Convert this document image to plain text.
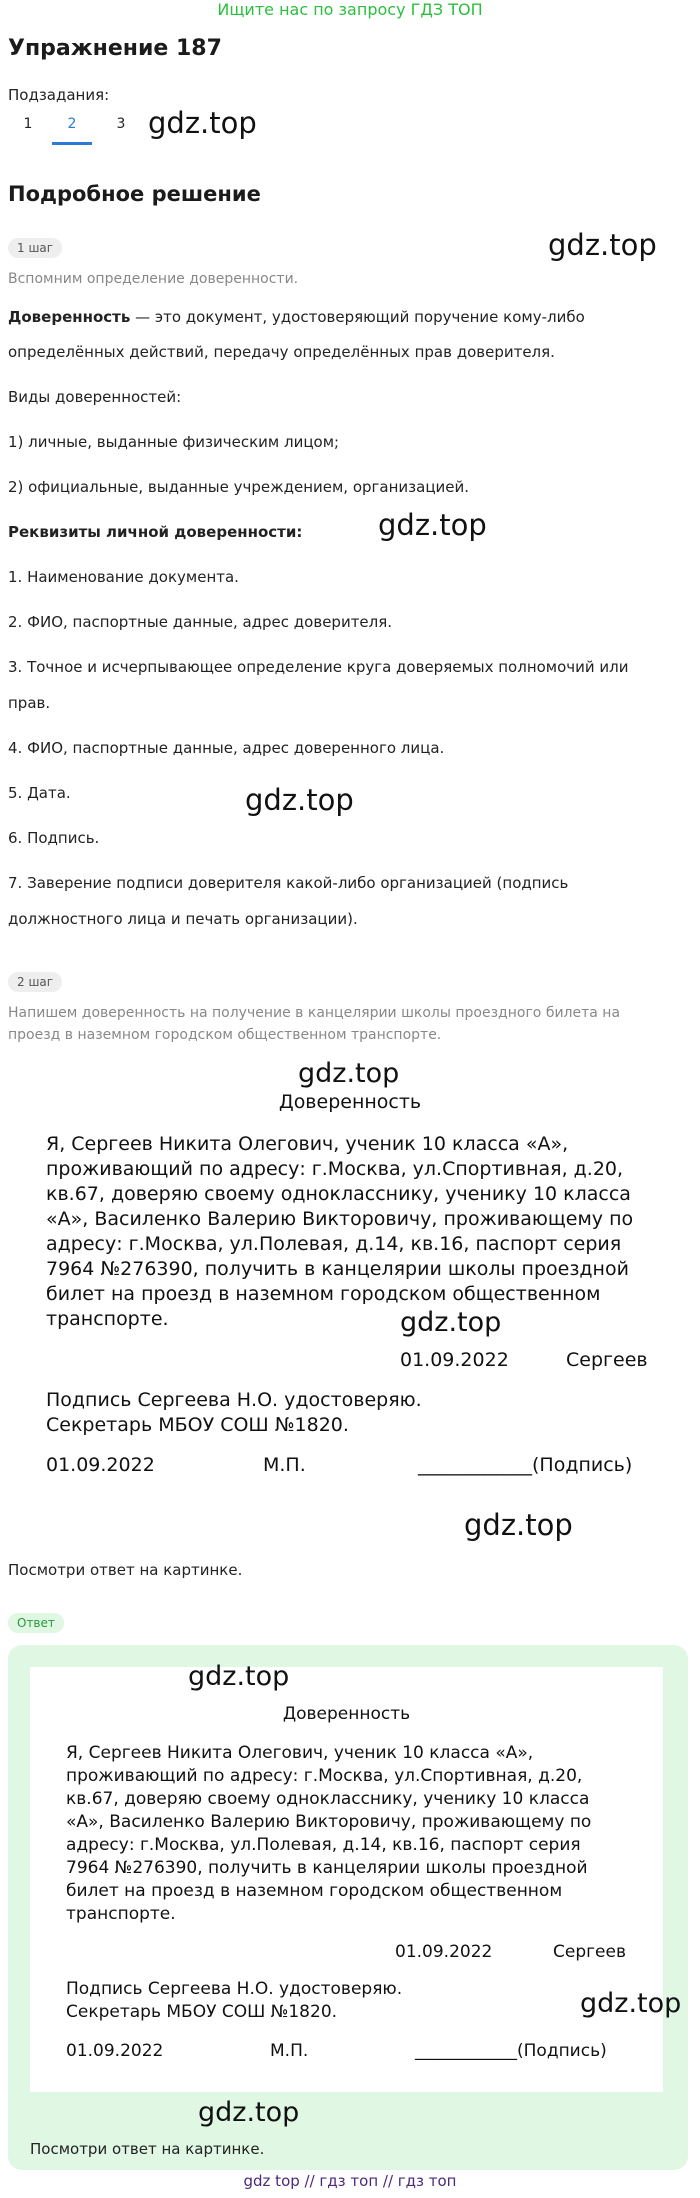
Ищите нас по запросу ГДЗ ТОП
Упражнение 187
Подзадания:
1	2	3 gdz.top
Подробное решение
1 шаг	gdz.top
Вспомним определение доверенности.
Доверенность — это документ, удостоверяющий поручение кому-либо
определённых действий, передачу определённых прав доверителя.
Виды доверенностей:
1) личные, выданные физическим лицом;
2) официальные, выданные учреждением, организацией.
Реквизиты личной доверенности:	gdz.top
1. Наименование документа.
2. ФИО, паспортные данные, адрес доверителя.
3. Точное и исчерпывающее определение круга доверяемых полномочий или
прав.
4. ФИО, паспортные данные, адрес доверенного лица.
5. Дата.	gdz.top
6. Подпись.
7. Заверение подписи доверителя какой-либо организацией (подпись
должностного лица и печать организации).
2 шаг
Напишем доверенность на получение в канцелярии школы проездного билета на
проезд в наземном городском общественном транспорте.
gdz.top
Доверенность
Я, Сергеев Никита Олегович, ученик 10 класса «А»,
проживающий по адресу: г.Москва, ул.Спортивная, д.20,
кв.67, доверяю своему однокласснику, ученику 10 класса
«А», Василенко Валерию Викторовичу, проживающему по
адресу: г.Москва, ул.Полевая, д.14, кв.16, паспорт серия
7964 №276390, получить в канцелярии школы проездной
билет на проезд в наземном городском общественном
транспорте.	gdz.top
01.09.2022	Сергеев
Подпись Сергеева Н.О. удостоверяю.
Секретарь МБОУ СОШ №1820.
01.09.2022	М.П.	____________(Подпись)
gdz.top
Посмотри ответ на картинке.
Ответ
gdz.top
Доверенность
Я, Сергеев Никита Олегович, ученик 10 класса «А»,
проживающий по адресу: г.Москва, ул.Спортивная, д.20,
кв.67, доверяю своему однокласснику, ученику 10 класса
«А», Василенко Валерию Викторовичу, проживающему по
адресу: г.Москва, ул.Полевая, д.14, кв.16, паспорт серия
7964 №276390, получить в канцелярии школы проездной
билет на проезд в наземном городском общественном
транспорте.
01.09.2022	Сергеев
Подпись Сергеева Н.О. удостоверяю.
Секретарь МБОУ СОШ №1820.	gdz.top
01.09.2022	М.П.	____________(Подпись)
gdz.top
Посмотри ответ на картинке.
gdz top // гдз топ // гдз топ
